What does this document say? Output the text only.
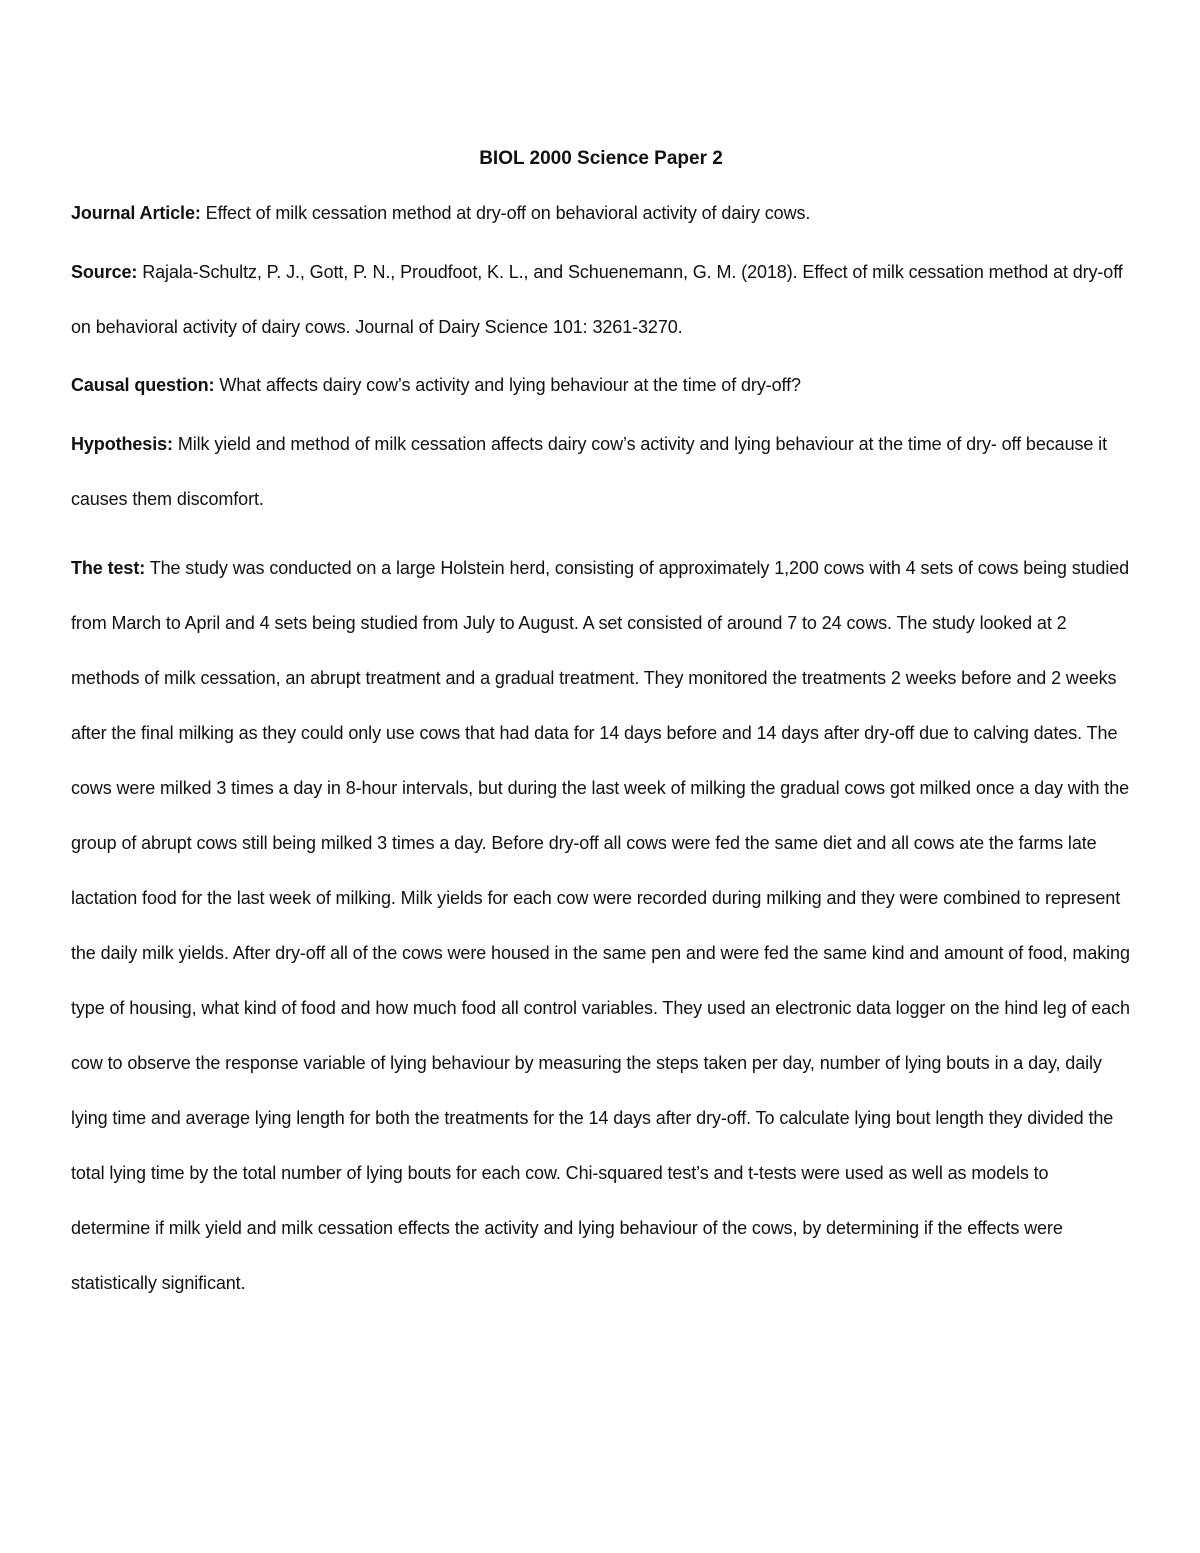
BIOL 2000 Science Paper 2

Journal Article: Effect of milk cessation method at dry-off on behavioral activity of dairy cows.

Source: Rajala-Schultz, P. J., Gott, P. N., Proudfoot, K. L., and Schuenemann, G. M. (2018). Effect of milk cessation method at dry-off on behavioral activity of dairy cows. Journal of Dairy Science 101: 3261-3270.

Causal question: What affects dairy cow’s activity and lying behaviour at the time of dry-off?

Hypothesis: Milk yield and method of milk cessation affects dairy cow’s activity and lying behaviour at the time of dry- off because it causes them discomfort.

The test: The study was conducted on a large Holstein herd, consisting of approximately 1,200 cows with 4 sets of cows being studied from March to April and 4 sets being studied from July to August. A set consisted of around 7 to 24 cows. The study looked at 2 methods of milk cessation, an abrupt treatment and a gradual treatment. They monitored the treatments 2 weeks before and 2 weeks after the final milking as they could only use cows that had data for 14 days before and 14 days after dry-off due to calving dates. The cows were milked 3 times a day in 8-hour intervals, but during the last week of milking the gradual cows got milked once a day with the group of abrupt cows still being milked 3 times a day. Before dry-off all cows were fed the same diet and all cows ate the farms late lactation food for the last week of milking. Milk yields for each cow were recorded during milking and they were combined to represent the daily milk yields. After dry-off all of the cows were housed in the same pen and were fed the same kind and amount of food, making type of housing, what kind of food and how much food all control variables. They used an electronic data logger on the hind leg of each cow to observe the response variable of lying behaviour by measuring the steps taken per day, number of lying bouts in a day, daily lying time and average lying length for both the treatments for the 14 days after dry-off. To calculate lying bout length they divided the total lying time by the total number of lying bouts for each cow. Chi-squared test’s and t-tests were used as well as models to determine if milk yield and milk cessation effects the activity and lying behaviour of the cows, by determining if the effects were statistically significant.
